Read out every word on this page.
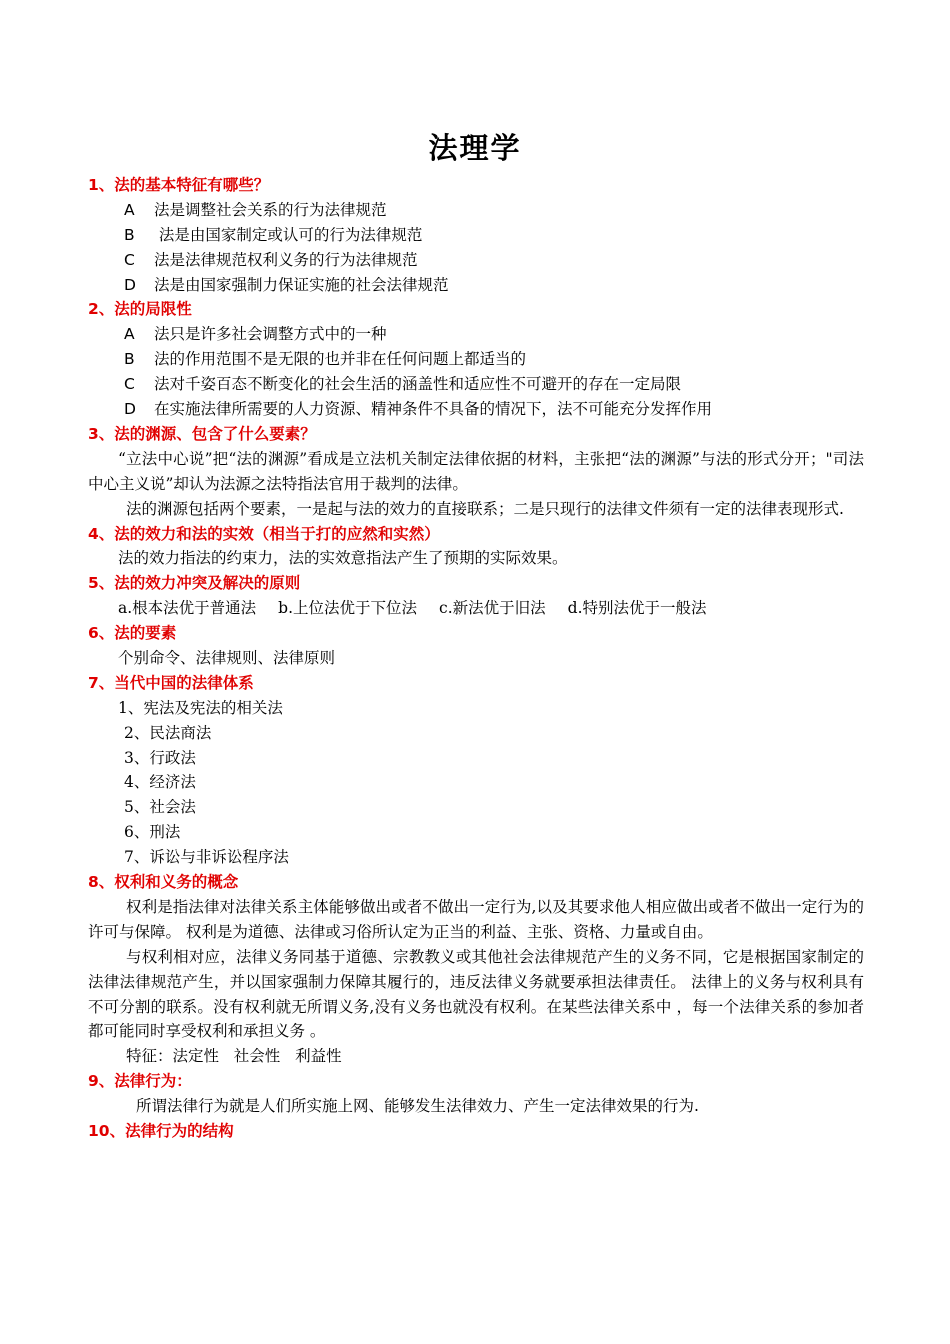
法理学
1、法的基本特征有哪些？
A 法是调整社会关系的行为法律规范
B 法是由国家制定或认可的行为法律规范
C 法是法律规范权利义务的行为法律规范
D 法是由国家强制力保证实施的社会法律规范
2、法的局限性
A 法只是许多社会调整方式中的一种
B 法的作用范围不是无限的也并非在任何问题上都适当的
C 法对千姿百态不断变化的社会生活的涵盖性和适应性不可避开的存在一定局限
D 在实施法律所需要的人力资源、精神条件不具备的情况下，法不可能充分发挥作用
3、法的渊源、包含了什么要素？
“立法中心说”把“法的渊源”看成是立法机关制定法律依据的材料，主张把“法的渊源”与法的形式分开；"司法中心主义说”却认为法源之法特指法官用于裁判的法律。
法的渊源包括两个要素，一是起与法的效力的直接联系；二是只现行的法律文件须有一定的法律表现形式.
4、法的效力和法的实效（相当于打的应然和实然）
法的效力指法的约束力，法的实效意指法产生了预期的实际效果。
5、法的效力冲突及解决的原则
a.根本法优于普通法 b.上位法优于下位法 c.新法优于旧法 d.特别法优于一般法
6、法的要素
个别命令、法律规则、法律原则
7、当代中国的法律体系
1、宪法及宪法的相关法
2、民法商法
3、行政法
4、经济法
5、社会法
6、刑法
7、诉讼与非诉讼程序法
8、权利和义务的概念
权利是指法律对法律关系主体能够做出或者不做出一定行为,以及其要求他人相应做出或者不做出一定行为的许可与保障。 权利是为道德、法律或习俗所认定为正当的利益、主张、资格、力量或自由。
与权利相对应，法律义务同基于道德、宗教教义或其他社会法律规范产生的义务不同，它是根据国家制定的法律法律规范产生，并以国家强制力保障其履行的，违反法律义务就要承担法律责任。 法律上的义务与权利具有不可分割的联系。没有权利就无所谓义务,没有义务也就没有权利。在某些法律关系中 ，每一个法律关系的参加者都可能同时享受权利和承担义务 。
特征：法定性   社会性   利益性
9、法律行为：
所谓法律行为就是人们所实施上网、能够发生法律效力、产生一定法律效果的行为.
10、法律行为的结构
